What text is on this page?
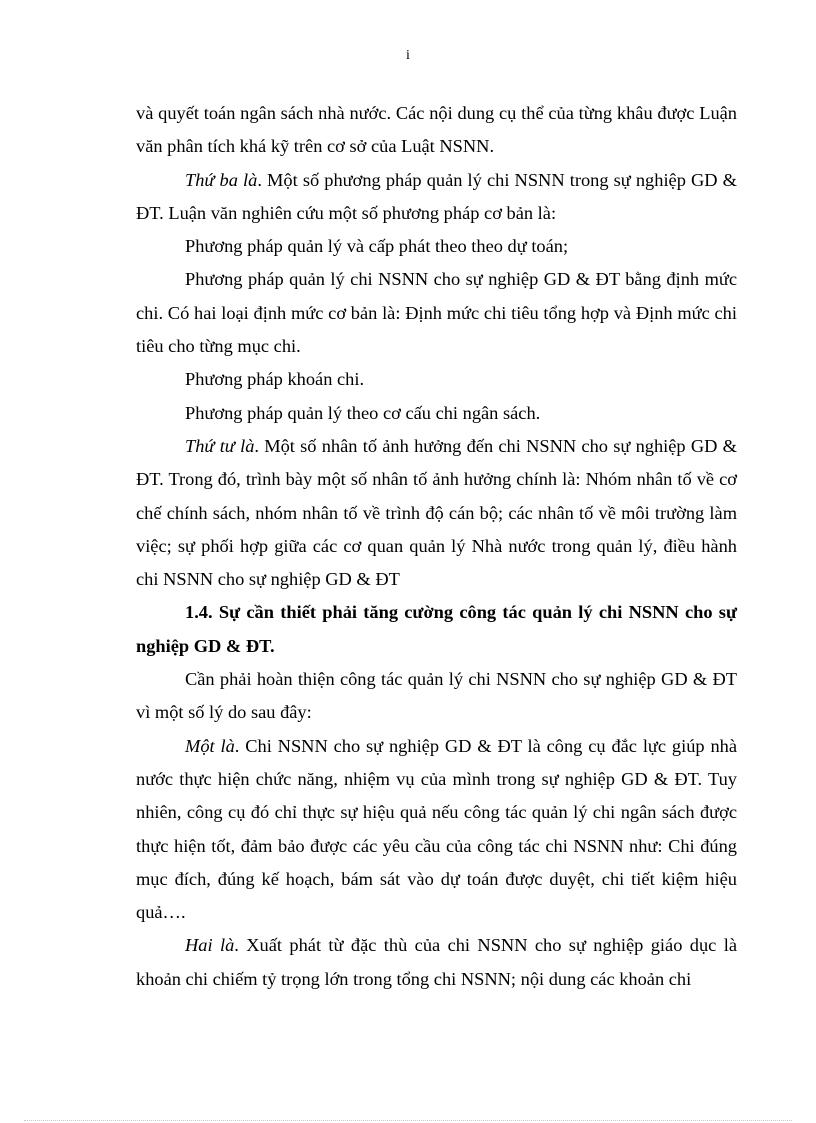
i

và quyết toán ngân sách nhà nước. Các nội dung cụ thể của từng khâu được Luận văn phân tích khá kỹ trên cơ sở của Luật NSNN.

Thứ ba là. Một số phương pháp quản lý chi NSNN trong sự nghiệp GD & ĐT. Luận văn nghiên cứu một số phương pháp cơ bản là:

Phương pháp quản lý và cấp phát theo theo dự toán;

Phương pháp quản lý chi NSNN cho sự nghiệp GD & ĐT bằng định mức chi. Có hai loại định mức cơ bản là: Định mức chi tiêu tổng hợp và Định mức chi tiêu cho từng mục chi.

Phương pháp khoán chi.

Phương pháp quản lý theo cơ cấu chi ngân sách.

Thứ tư là. Một số nhân tố ảnh hưởng đến chi NSNN cho sự nghiệp GD & ĐT. Trong đó, trình bày một số nhân tố ảnh hưởng chính là: Nhóm nhân tố về cơ chế chính sách, nhóm nhân tố về trình độ cán bộ; các nhân tố về môi trường làm việc; sự phối hợp giữa các cơ quan quản lý Nhà nước trong quản lý, điều hành chi NSNN cho sự nghiệp GD & ĐT

1.4. Sự cần thiết phải tăng cường công tác quản lý chi NSNN cho sự nghiệp GD & ĐT.

Cần phải hoàn thiện công tác quản lý chi NSNN cho sự nghiệp GD & ĐT vì một số lý do sau đây:

Một là. Chi NSNN cho sự nghiệp GD & ĐT là công cụ đắc lực giúp nhà nước thực hiện chức năng, nhiệm vụ của mình trong sự nghiệp GD & ĐT. Tuy nhiên, công cụ đó chỉ thực sự hiệu quả nếu công tác quản lý chi ngân sách được thực hiện tốt, đảm bảo được các yêu cầu của công tác chi NSNN như: Chi đúng mục đích, đúng kế hoạch, bám sát vào dự toán được duyệt, chi tiết kiệm hiệu quả….

Hai là. Xuất phát từ đặc thù của chi NSNN cho sự nghiệp giáo dục là khoản chi chiếm tỷ trọng lớn trong tổng chi NSNN; nội dung các khoản chi
